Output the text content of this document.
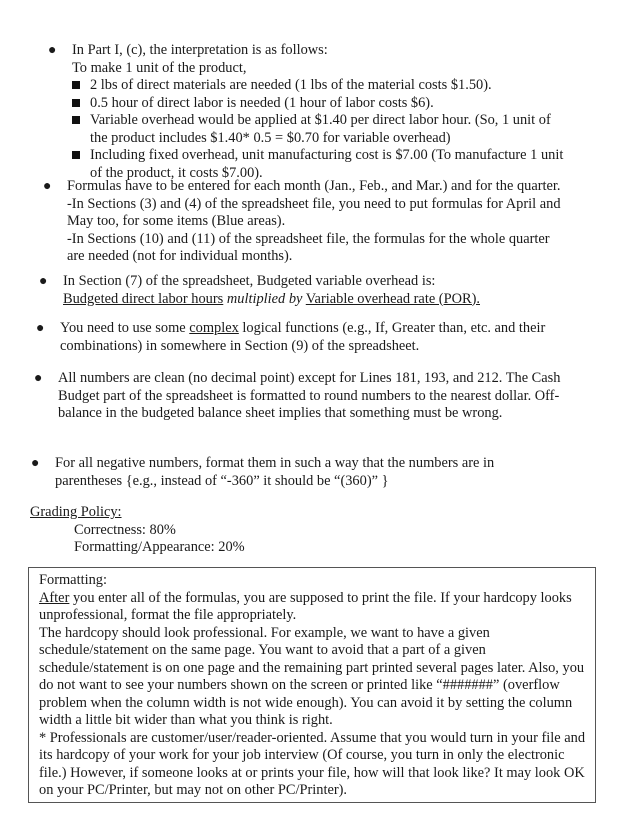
● In Part I, (c), the interpretation is as follows:
To make 1 unit of the product,
2 lbs of direct materials are needed (1 lbs of the material costs $1.50).
0.5 hour of direct labor is needed (1 hour of labor costs $6).
Variable overhead would be applied at $1.40 per direct labor hour. (So, 1 unit of the product includes $1.40* 0.5 = $0.70 for variable overhead)
Including fixed overhead, unit manufacturing cost is $7.00 (To manufacture 1 unit of the product, it costs $7.00).
● Formulas have to be entered for each month (Jan., Feb., and Mar.) and for the quarter.
-In Sections (3) and (4) of the spreadsheet file, you need to put formulas for April and May too, for some items (Blue areas).
-In Sections (10) and (11) of the spreadsheet file, the formulas for the whole quarter are needed (not for individual months).
● In Section (7) of the spreadsheet, Budgeted variable overhead is:
Budgeted direct labor hours multiplied by Variable overhead rate (POR).
● You need to use some complex logical functions (e.g., If, Greater than, etc. and their combinations) in somewhere in Section (9) of the spreadsheet.
● All numbers are clean (no decimal point) except for Lines 181, 193, and 212. The Cash Budget part of the spreadsheet is formatted to round numbers to the nearest dollar. Off-balance in the budgeted balance sheet implies that something must be wrong.
● For all negative numbers, format them in such a way that the numbers are in parentheses {e.g., instead of “-360” it should be “(360)” }
Grading Policy:
Correctness: 80%
Formatting/Appearance: 20%

Formatting:

After you enter all of the formulas, you are supposed to print the file. If your hardcopy looks unprofessional, format the file appropriately.

The hardcopy should look professional. For example, we want to have a given schedule/statement on the same page. You want to avoid that a part of a given schedule/statement is on one page and the remaining part printed several pages later. Also, you do not want to see your numbers shown on the screen or printed like “#######” (overflow problem when the column width is not wide enough). You can avoid it by setting the column width a little bit wider than what you think is right.

* Professionals are customer/user/reader-oriented. Assume that you would turn in your file and its hardcopy of your work for your job interview (Of course, you turn in only the electronic file.) However, if someone looks at or prints your file, how will that look like? It may look OK on your PC/Printer, but may not on other PC/Printer).
